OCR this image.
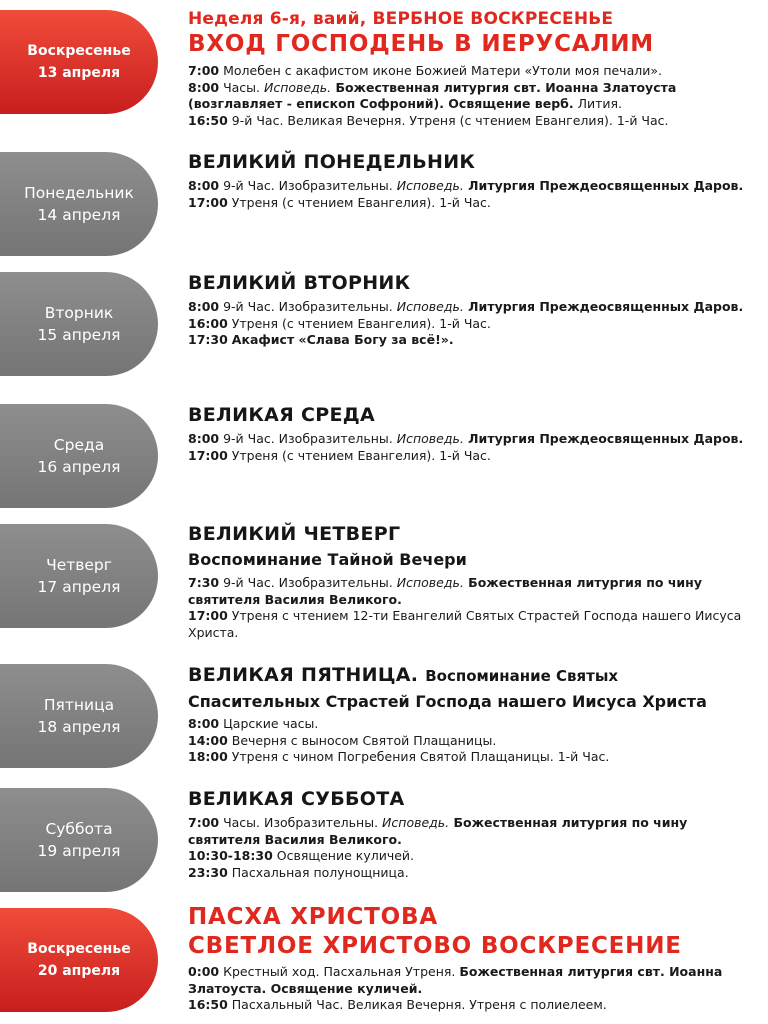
Воскресенье
13 апреля
Неделя 6-я, ваий, ВЕРБНОЕ ВОСКРЕСЕНЬЕ
ВХОД ГОСПОДЕНЬ В ИЕРУСАЛИМ
7:00 Молебен с акафистом иконе Божией Матери «Утоли моя печали».
8:00 Часы. Исповедь. Божественная литургия свт. Иоанна Златоуста (возглавляет - епископ Софроний). Освящение верб. Лития.
16:50 9-й Час. Великая Вечерня. Утреня (с чтением Евангелия). 1-й Час.
Понедельник
14 апреля
ВЕЛИКИЙ ПОНЕДЕЛЬНИК
8:00 9-й Час. Изобразительны. Исповедь. Литургия Преждеосвященных Даров.
17:00 Утреня (с чтением Евангелия). 1-й Час.
Вторник
15 апреля
ВЕЛИКИЙ ВТОРНИК
8:00 9-й Час. Изобразительны. Исповедь. Литургия Преждеосвященных Даров.
16:00 Утреня (с чтением Евангелия). 1-й Час.
17:30 Акафист «Слава Богу за всё!».
Среда
16 апреля
ВЕЛИКАЯ СРЕДА
8:00 9-й Час. Изобразительны. Исповедь. Литургия Преждеосвященных Даров.
17:00 Утреня (с чтением Евангелия). 1-й Час.
Четверг
17 апреля
ВЕЛИКИЙ ЧЕТВЕРГ
Воспоминание Тайной Вечери
7:30 9-й Час. Изобразительны. Исповедь. Божественная литургия по чину святителя Василия Великого.
17:00 Утреня с чтением 12-ти Евангелий Святых Страстей Господа нашего Иисуса Христа.
Пятница
18 апреля
ВЕЛИКАЯ ПЯТНИЦА. Воспоминание Святых
Спасительных Страстей Господа нашего Иисуса Христа
8:00 Царские часы.
14:00 Вечерня с выносом Святой Плащаницы.
18:00 Утреня с чином Погребения Святой Плащаницы. 1-й Час.
Суббота
19 апреля
ВЕЛИКАЯ СУББОТА
7:00 Часы. Изобразительны. Исповедь. Божественная литургия по чину святителя Василия Великого.
10:30-18:30 Освящение куличей.
23:30 Пасхальная полунощница.
Воскресенье
20 апреля
ПАСХА ХРИСТОВА
СВЕТЛОЕ ХРИСТОВО ВОСКРЕСЕНИЕ
0:00 Крестный ход. Пасхальная Утреня. Божественная литургия свт. Иоанна Златоуста. Освящение куличей.
16:50 Пасхальный Час. Великая Вечерня. Утреня с полиелеем.
